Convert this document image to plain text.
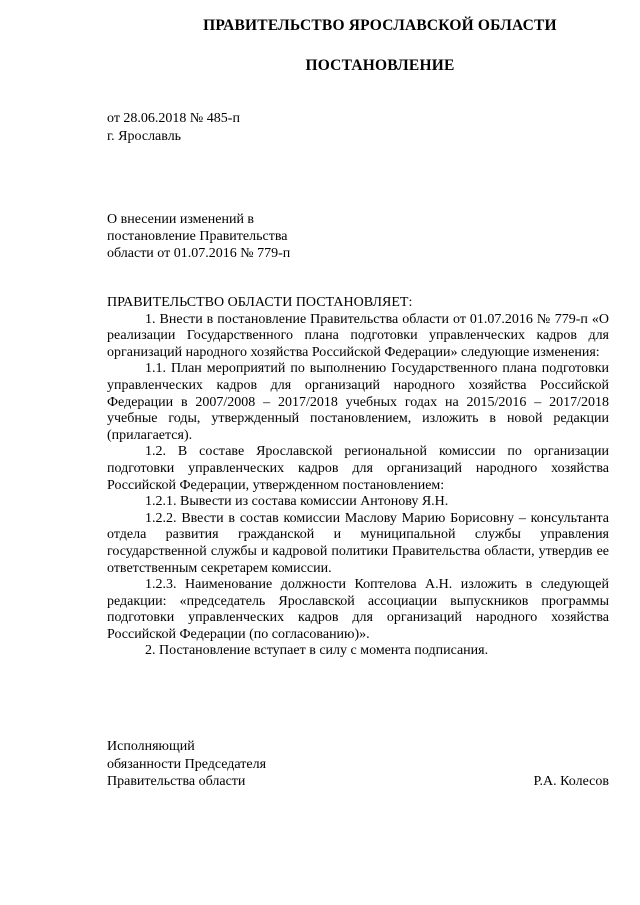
ПРАВИТЕЛЬСТВО ЯРОСЛАВСКОЙ ОБЛАСТИ
ПОСТАНОВЛЕНИЕ
от 28.06.2018 № 485-п
г. Ярославль
О внесении изменений в
постановление Правительства
области от 01.07.2016 № 779-п

ПРАВИТЕЛЬСТВО ОБЛАСТИ ПОСТАНОВЛЯЕТ:

1. Внести в постановление Правительства области от 01.07.2016 № 779-п «О реализации Государственного плана подготовки управленческих кадров для организаций народного хозяйства Российской Федерации» следующие изменения:

1.1. План мероприятий по выполнению Государственного плана подготовки управленческих кадров для организаций народного хозяйства Российской Федерации в 2007/2008 – 2017/2018 учебных годах на 2015/2016 – 2017/2018 учебные годы, утвержденный постановлением, изложить в новой редакции (прилагается).

1.2. В составе Ярославской региональной комиссии по организации подготовки управленческих кадров для организаций народного хозяйства Российской Федерации, утвержденном постановлением:

1.2.1. Вывести из состава комиссии Антонову Я.Н.

1.2.2. Ввести в состав комиссии Маслову Марию Борисовну – консультанта отдела развития гражданской и муниципальной службы управления государственной службы и кадровой политики Правительства области, утвердив ее ответственным секретарем комиссии.

1.2.3. Наименование должности Коптелова А.Н. изложить в следующей редакции: «председатель Ярославской ассоциации выпускников программы подготовки управленческих кадров для организаций народного хозяйства Российской Федерации (по согласованию)».

2. Постановление вступает в силу с момента подписания.

Исполняющий
обязанности Председателя
Правительства области	Р.А. Колесов
